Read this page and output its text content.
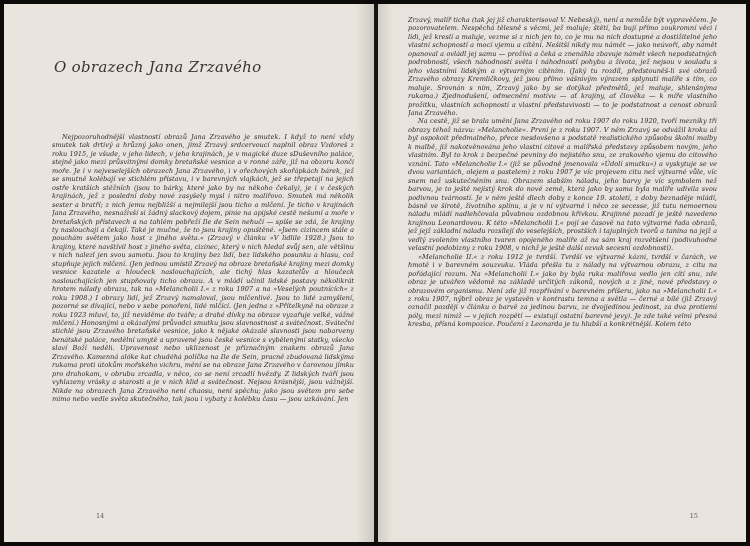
O obrazech Jana Zrzavého

Nejpozoruhodnější vlastností obrazů Jana Zrzavého je smutek. I když to není vždy smutek tak drtivý a hrůzný jako onen, jímž Zrzavý srdcervoucí naplnil obraz Vzdoreš z roku 1915, je všude, v jeho lidech, v jeho krajinách, je v magické duze sDuševního paláce, stejně jako mezi průsvitnými domky bretaňské vesnice a v ronné záře, již na obzoru končí moře. Je i v nejveselejších obrazech Jana Zrzavého, i v ořechových skořápkách bárek, jež se smutně kolébají ve stichlém přístavu, i v barevných vlajkách, jež se třepetají na jejich ostře kratších stěžních (jsou to bárky, které jako by na někoho čekaly), je i v českých krajinách, jež z poslední doby nové zasyšely mysl i nitro malířovo. Smutek má několik sester a bratří; z nich jemu nejbližší a nejmilejší jsou ticho a mlčení. Je ticho v krajinách Jana Zrzavého, nesnaživší si žádný slackový dojem, pinie na apijské cestě nešumí a moře v bretaňských přístavech a na tahlém pobřeží Ile de Sein nehučí — spíše se zdá, že krajiny ty naslouchají a čekají. Také je mučné, že to jsou krajiny opuštěné. »Jsem cizincem stále a pouchám světem jako host z jiného světa.« (Zrzavý v článku »V lidlile 1928.) Jsou to krajiny, které navštívil host z jiného světa, cizinec, který v nich hledal svůj sen, ale většinu v nich nalezl jen svou samotu. Jsou to krajiny bez lidí, bez lidského posunku a hlasu, což stupňuje jejich mlčení. (Jen jednou umístil Zrzavý na obraze bretaňské krajiny mezi domky vesnice kazatele a hloučeck naslouchajících, ale tichý hlas kazatelův a hloučeck naslouchajících jen stupňovaly ticho obrazu. A v mládí učinil lidské postavy několikrát hrotem nálady obrazu, tak na »Melancholii I.« z roku 1907 a na »Veselých poutnících« z roku 1908.) I obrazy lidí, jež Zrzavý namaloval, jsou mlčenlivé. Jsou to lidé zamyšlení, pozorné se dívající, nebo v sebe ponoření, lidé mlčící. (Jen jedna z »Přítelkyně na obraze z roku 1923 mluví, to, jíž neviděme do tváře; a drahé dívky na obraze vyzařuje velké, vážné mlčení.) Honosnými a okázalými průvodci smutku jsou slavnostnost a svátečnost. Sváteční stichlé jsou Zrzavého bretaňské vesnice, jako k nějaké okázalé slavnosti jsou nabarveny benátské paláce, nedělní umytě a upravené jsou české vesnice s vybělenými statky, všecko slaví Boží neděli. Upravenost nebo uklizenost je příznačným znakem obrazů Jana Zrzavého. Kamenná alóke kat chudéhá políčka na Ile de Sein, pracně zbudovaná lidskýma rukama proti útokům mořského vichru, mění se na obraze Jana Zrzavého v čarovnou jímku pro drahokam, v obrubu zrcadla, v něco, co se není zrcadlí hvězdy. Z lidských tváří jsou vyhlazeny vrásky a starosti a je v nich klid a svátečnost. Nejsou krásnější, jsou vážnější. Nikde na obrazech Jana Zrzavého není chaosu, není spěchu; jako jsou světem pro sebe mimo nebo vedle světa skutečného, tak jsou i vybaty z kolébku času — jsou uzkávání. Jen

14

Zrzavý, malíř ticha (tak jej již charakterisoval V. Nebeský), není a nemůže být vypravěčem. Je pozorovatelem. Nespěchá tělesně s věcmi, jež maluje; štětí, ba bují přímo zoukromní věci i lidi, jež kreslí a maluje, vezme si z nich jen to, co je mu na nich dostupné a dostižitelné jeho vlastní schopností a mocí vjemu a cítění. Nešitší nikdy mu námět — jako neúvoří, aby námět opanoval a ovládl jej samu — prožívá a čeká a znenáhla zbavuje námět všech nepodstatných podrobností, všech náhodností světa i náhodností pohybu a života, jež nejsou v souladu s jeho vlastními lidským a výtvarným cítěním. (Jaký tu rozdíl, předstouněš-li své obrazů Zrzavého obrazy Kremličkovy, jež jsou přímo vášnivým výrazem splynutí malíře s tím, co maluje. Srovnán s ním, Zrzavý jako by se dotýkal předmětů, jež maluje, shlenšnýma rukama.) Zjednodušení, odmecnění motivu — ať krajiny, ať člověka — k míře vlastního prožitku, vlastních schopností a vlastní představivosti — to je podstatnost a cenost obrazů Jana Zrzavého.

Na cestě, již se brala umění Jana Zrzavého od roku 1907 do roku 1920, tvoří mezníky tři obrazy téhož názvu: »Melancholie«. První je z roku 1907. V něm Zrzavý se odvážil kroku až byl ospokoit předmalného, přece nesdovšeno s podstatě realistického způsobu školní malby k malbě, již nakotvěnována jeho vlastní citové a malířská představy způsobem novým, jeho vlastním. Byl to krok z bezpečné pevniny do nejistého snu, ze zrakového vjemu do citového vznání. Tato »Melancholie I.« (již se původně jmenovala »Údolí smutku«) a vyskytuje se ve dvou variantách, olejem a pastelem) z roku 1907 je víc projevem citu než výtvarné vůle, víc snem než uskutečněním snu. Obrazem slabším náladu, jeho barvy je víc symbolem než barvou, je to ještě nejistý krok do nové země, která jako by sama byla malíře udivila svou podivnou tvárností. Je v něm ještě dlech doby z konce 19. století, z doby beznaděje mládí, básně ve šírotě, životního splínu, a je v ní výtvarné i něco ze secesse, již tutu nemoernou náladu mládí nadlehčovala půvabnou ozdobnou křivkou. Krajinné pozadí je ještě navedeno krajinou Leonardovou. K této »Melancholii I.« pojí se časově na tato výtvarné řada obrazů, jež jejž základní náladu rozsílejí do veselejších, prostších i tajuplných tvorů a tanina na jejž a vedlý zvolením vlastního tvaren opojeného malíře až na sám kraj rozvětšení (podivuhodné velastní podobizny z roku 1908, v nichž je ještě další ozvuk secesní ozdobnosti).

»Melancholie II.« z roku 1912 je tvrdší. Tvrdší ve výtvarné kázni, tvrdší v čarách, ve hmotě i v barevném souzvuku. Vláda přešla tu z nálady na výtvarnou obrazu, z citu na pořádající rozum. Na »Melancholii I.« jako by byla ruka malířova vedlo jen cítí snu, zde obraz je utvářen vědomě na základě určitých zákonů, nových a z jiné, nové představy o obrazovém organismu. Není zde již rozpřívání v barevném příšeru, jako na »Melancholii I.« z roku 1907, nýbrž obraz je vystavěn v kontrastu temna a světla — černé a bílé (již Zrzavý označil později v článku o barvě za jedinou barvu, ze dvojjedinou jedinost, za dva protiemí póly, mezi nimiž — v jejich rozpětí — existují ostatní barevné jevy). Je zde také velmi přesná kresba, přísná kompozice. Poučení z Leonarda je tu hlubší a konkrétnější. Kolem této

15
